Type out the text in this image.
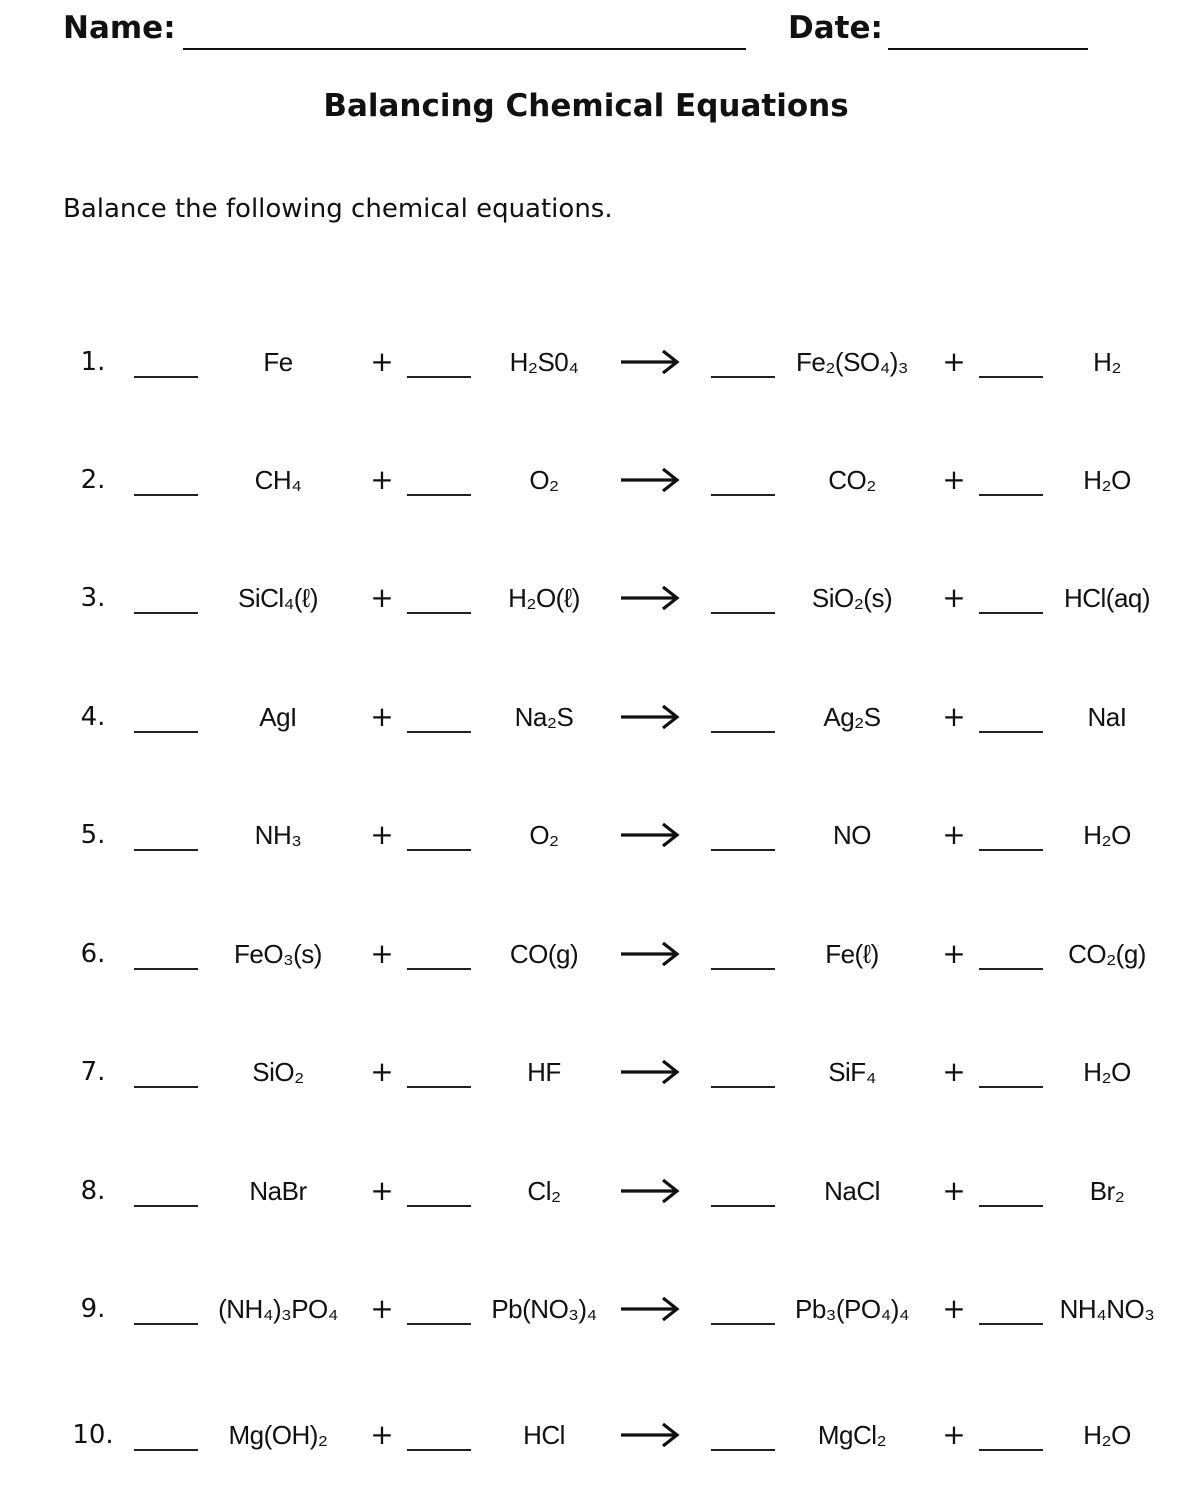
Name:	Date:
Balancing Chemical Equations
Balance the following chemical equations.
1.	Fe	+	H₂S0₄	Fe₂(SO₄)₃	+	H₂
2.	CH₄	+	O₂	CO₂	+	H₂O
3.	SiCl₄(ℓ)	+	H₂O(ℓ)	SiO₂(s)	+	HCl(aq)
4.	AgI	+	Na₂S	Ag₂S	+	NaI
5.	NH₃	+	O₂	NO	+	H₂O
6.	FeO₃(s)	+	CO(g)	Fe(ℓ)	+	CO₂(g)
7.	SiO₂	+	HF	SiF₄	+	H₂O
8.	NaBr	+	Cl₂	NaCl	+	Br₂
9.	(NH₄)₃PO₄	+	Pb(NO₃)₄	Pb₃(PO₄)₄	+	NH₄NO₃
10.	Mg(OH)₂	+	HCl	MgCl₂	+	H₂O
